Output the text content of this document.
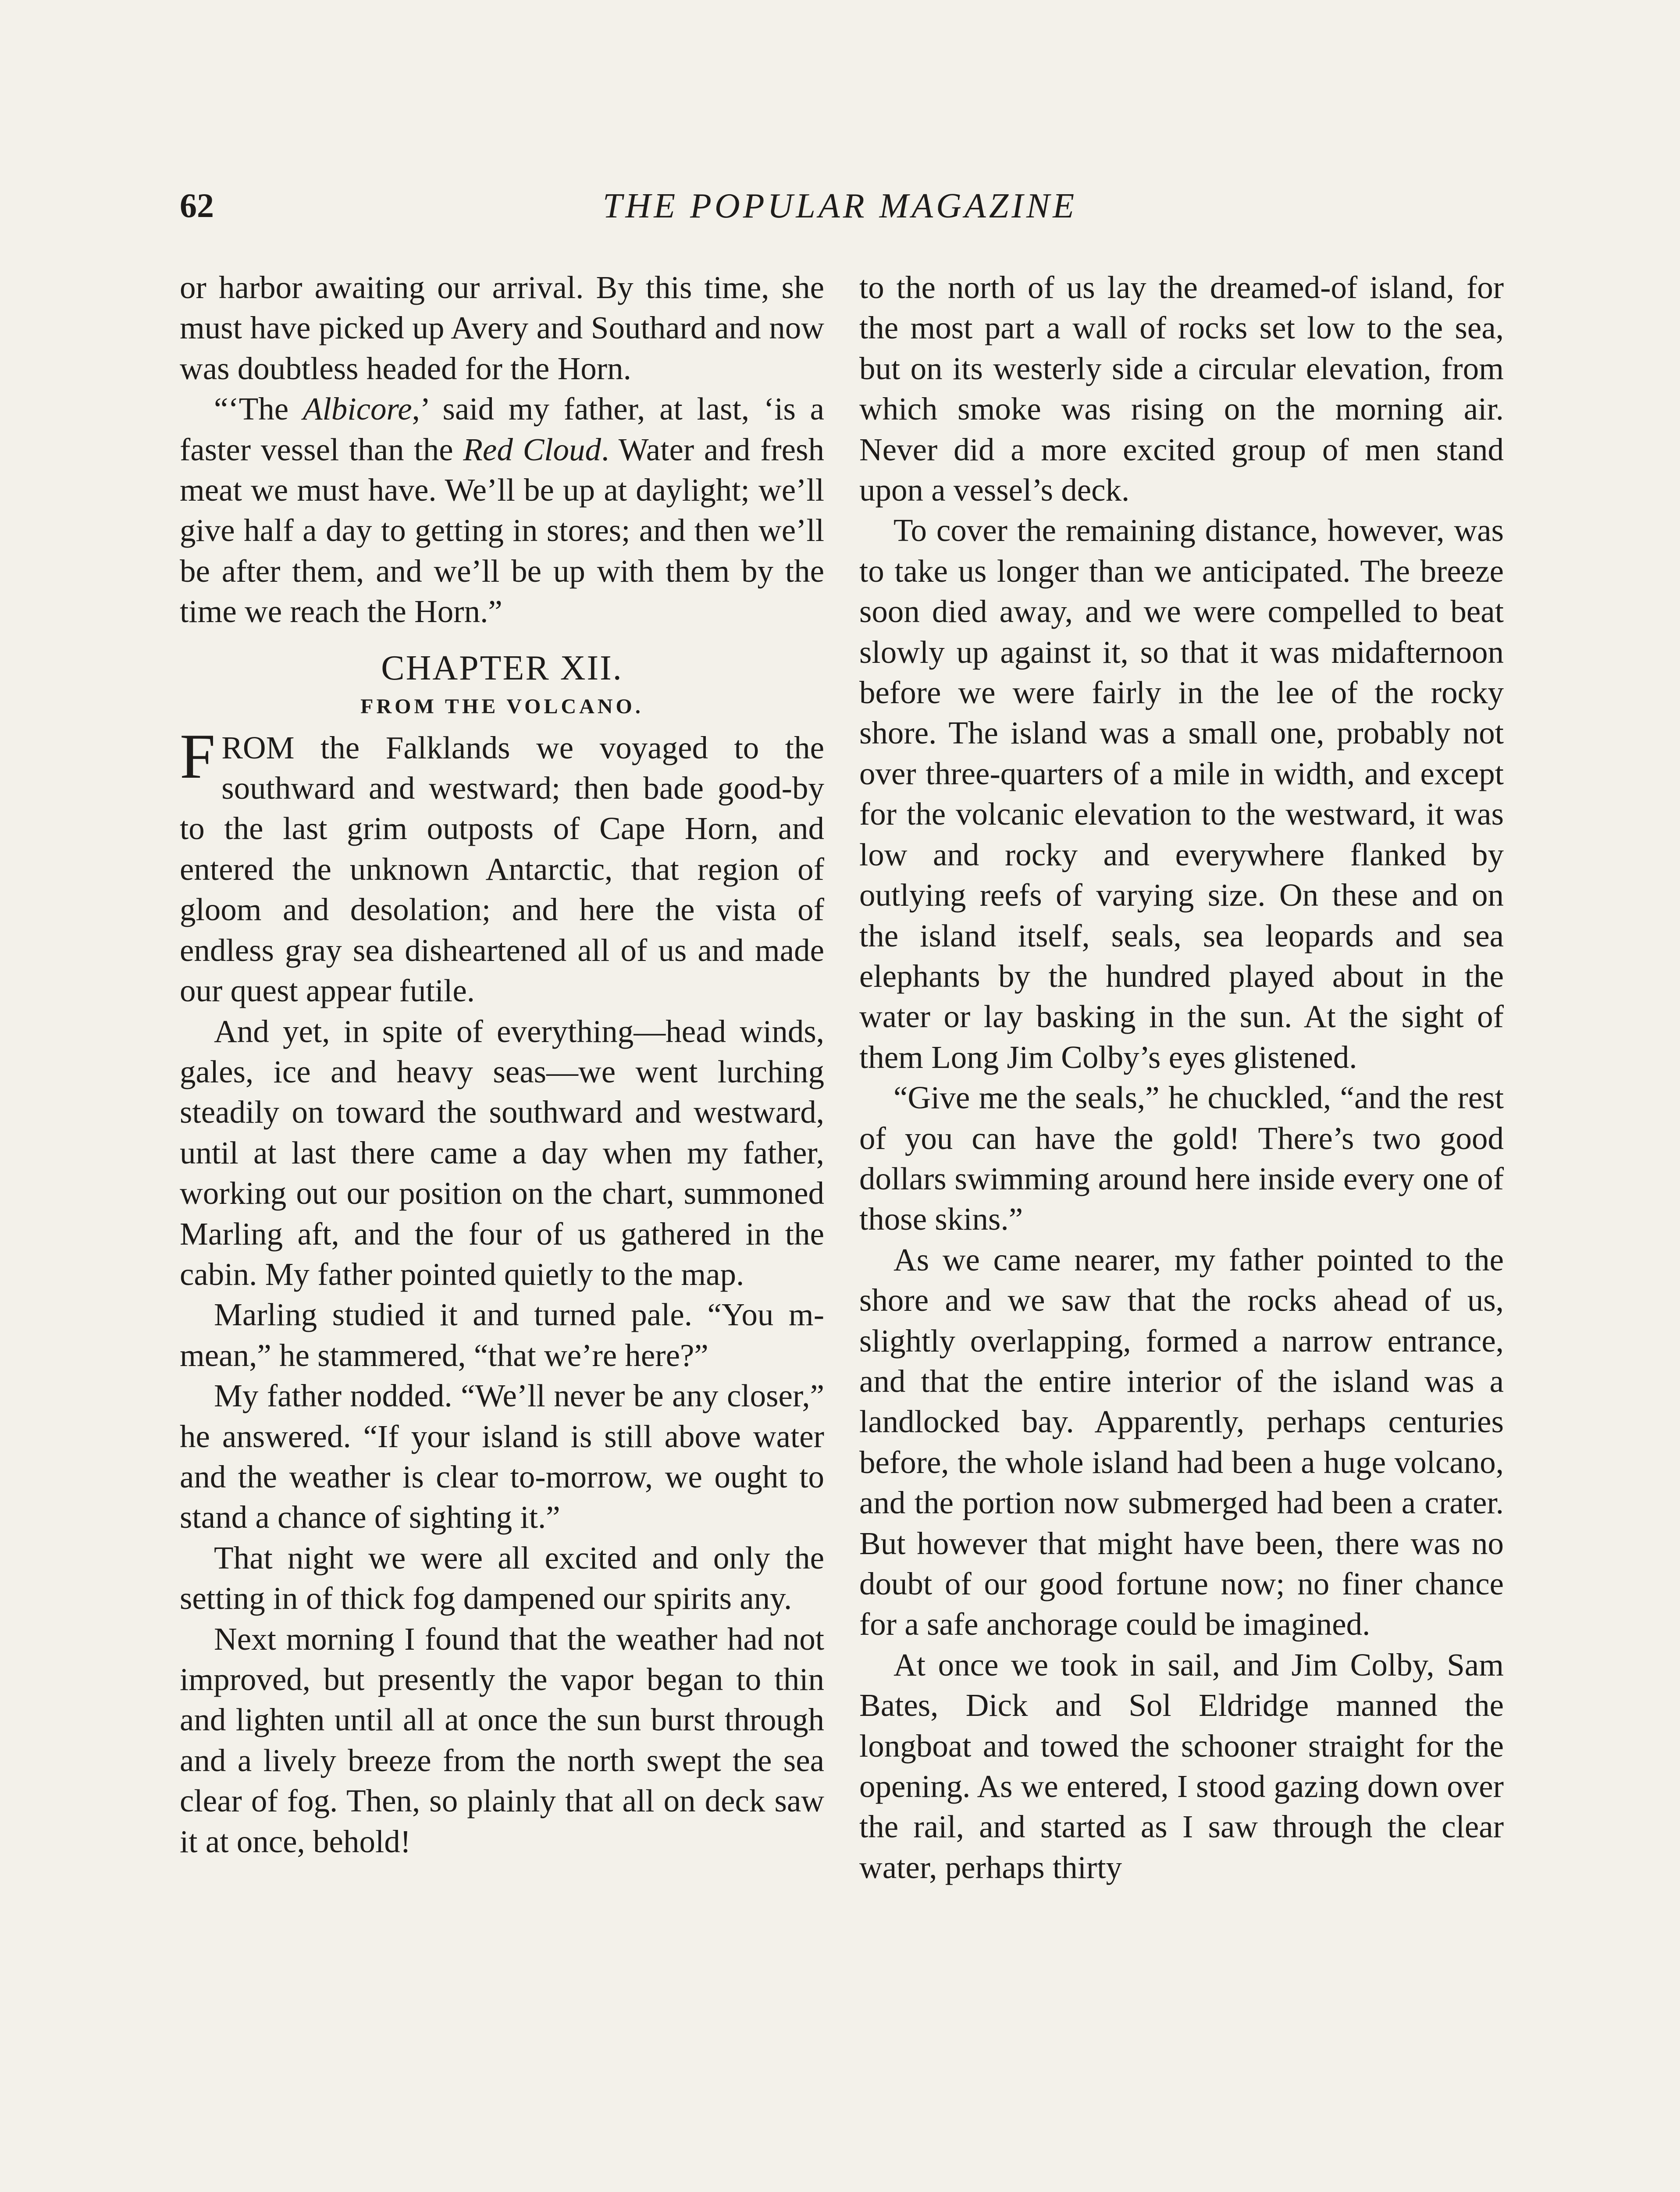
62	THE POPULAR MAGAZINE

or harbor awaiting our arrival. By this time, she must have picked up Avery and Southard and now was doubtless headed for the Horn.

“‘The Albicore,’ said my father, at last, ‘is a faster vessel than the Red Cloud. Water and fresh meat we must have. We’ll be up at daylight; we’ll give half a day to getting in stores; and then we’ll be after them, and we’ll be up with them by the time we reach the Horn.”

CHAPTER XII.
FROM THE VOLCANO.

FROM the Falklands we voyaged to the southward and westward; then bade good-by to the last grim outposts of Cape Horn, and entered the unknown Antarctic, that region of gloom and desolation; and here the vista of endless gray sea disheartened all of us and made our quest appear futile.

And yet, in spite of everything—head winds, gales, ice and heavy seas—we went lurching steadily on toward the southward and westward, until at last there came a day when my father, working out our position on the chart, summoned Marling aft, and the four of us gathered in the cabin. My father pointed quietly to the map.

Marling studied it and turned pale. “You m-mean,” he stammered, “that we’re here?”

My father nodded. “We’ll never be any closer,” he answered. “If your island is still above water and the weather is clear to-morrow, we ought to stand a chance of sighting it.”

That night we were all excited and only the setting in of thick fog dampened our spirits any.

Next morning I found that the weather had not improved, but presently the vapor began to thin and lighten until all at once the sun burst through and a lively breeze from the north swept the sea clear of fog. Then, so plainly that all on deck saw it at once, behold!

to the north of us lay the dreamed-of island, for the most part a wall of rocks set low to the sea, but on its westerly side a circular elevation, from which smoke was rising on the morning air. Never did a more excited group of men stand upon a vessel’s deck.

To cover the remaining distance, however, was to take us longer than we anticipated. The breeze soon died away, and we were compelled to beat slowly up against it, so that it was midafternoon before we were fairly in the lee of the rocky shore. The island was a small one, probably not over three-quarters of a mile in width, and except for the volcanic elevation to the westward, it was low and rocky and everywhere flanked by outlying reefs of varying size. On these and on the island itself, seals, sea leopards and sea elephants by the hundred played about in the water or lay basking in the sun. At the sight of them Long Jim Colby’s eyes glistened.

“Give me the seals,” he chuckled, “and the rest of you can have the gold! There’s two good dollars swimming around here inside every one of those skins.”

As we came nearer, my father pointed to the shore and we saw that the rocks ahead of us, slightly overlapping, formed a narrow entrance, and that the entire interior of the island was a landlocked bay. Apparently, perhaps centuries before, the whole island had been a huge volcano, and the portion now submerged had been a crater. But however that might have been, there was no doubt of our good fortune now; no finer chance for a safe anchorage could be imagined.

At once we took in sail, and Jim Colby, Sam Bates, Dick and Sol Eldridge manned the longboat and towed the schooner straight for the opening. As we entered, I stood gazing down over the rail, and started as I saw through the clear water, perhaps thirty
